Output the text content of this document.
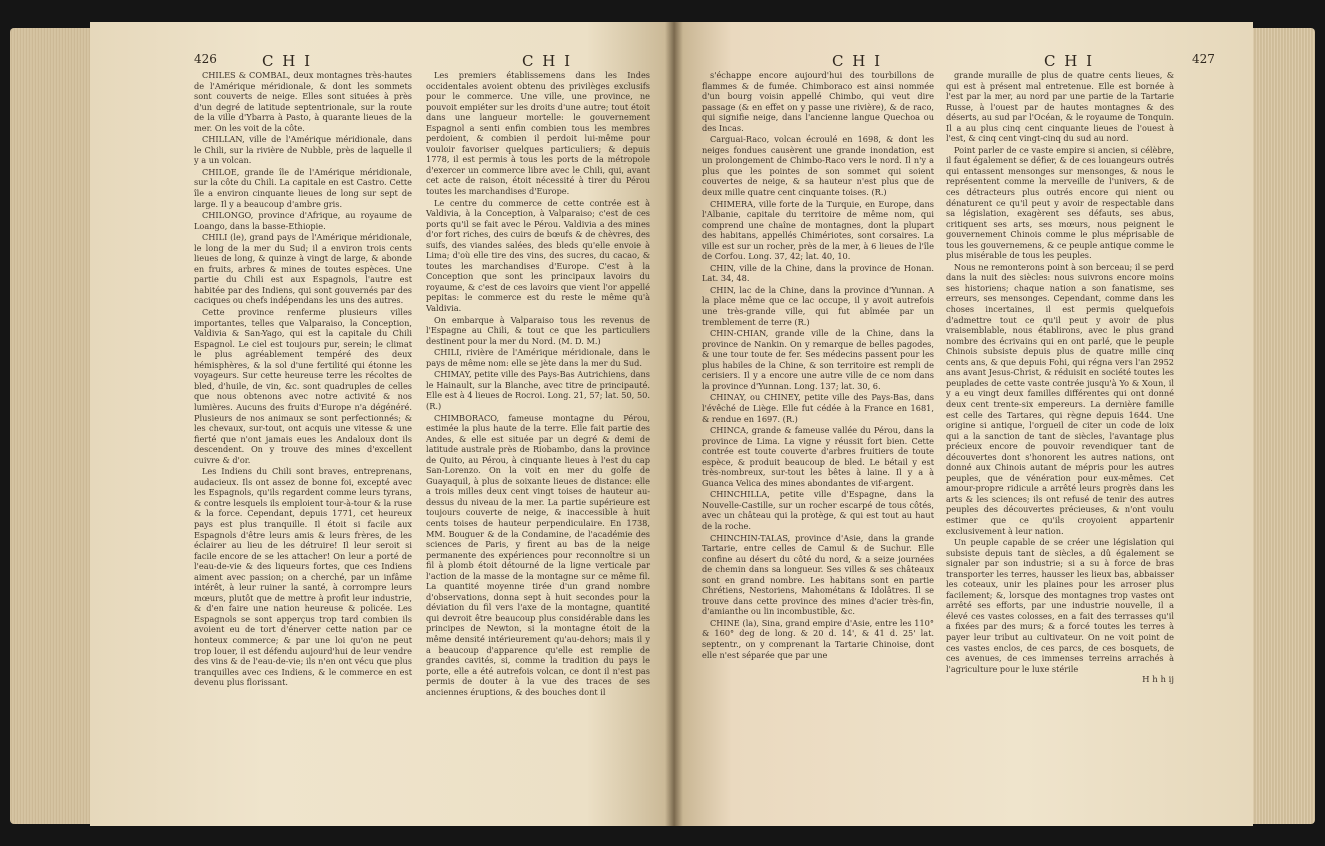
426	C H I	C H I

CHILES & COMBAL, deux montagnes très-hautes de l'Amérique méridionale, & dont les sommets sont couverts de neige. Elles sont situées à près d'un degré de latitude septentrionale, sur la route de la ville d'Ybarra à Pasto, à quarante lieues de la mer. On les voit de la côte.

CHILLAN, ville de l'Amérique méridionale, dans le Chili, sur la rivière de Nubble, près de laquelle il y a un volcan.

CHILOE, grande île de l'Amérique méridionale, sur la côte du Chili. La capitale en est Castro. Cette île a environ cinquante lieues de long sur sept de large. Il y a beaucoup d'ambre gris.

CHILONGO, province d'Afrique, au royaume de Loango, dans la basse-Ethiopie.

CHILI (le), grand pays de l'Amérique méridionale, le long de la mer du Sud; il a environ trois cents lieues de long, & quinze à vingt de large, & abonde en fruits, arbres & mines de toutes espèces. Une partie du Chili est aux Espagnols, l'autre est habitée par des Indiens, qui sont gouvernés par des caciques ou chefs indépendans les uns des autres.

Cette province renferme plusieurs villes importantes, telles que Valparaiso, la Conception, Valdivia & San-Yago, qui est la capitale du Chili Espagnol. Le ciel est toujours pur, serein; le climat le plus agréablement tempéré des deux hémisphères, & la sol d'une fertilité qui étonne les voyageurs. Sur cette heureuse terre les récoltes de bled, d'huile, de vin, &c. sont quadruples de celles que nous obtenons avec notre activité & nos lumières. Aucuns des fruits d'Europe n'a dégénéré. Plusieurs de nos animaux se sont perfectionnés; & les chevaux, sur-tout, ont acquis une vitesse & une fierté que n'ont jamais eues les Andaloux dont ils descendent. On y trouve des mines d'excellent cuivre & d'or.

Les Indiens du Chili sont braves, entreprenans, audacieux. Ils ont assez de bonne foi, excepté avec les Espagnols, qu'ils regardent comme leurs tyrans, & contre lesquels ils emploient tour-à-tour & la ruse & la force. Cependant, depuis 1771, cet heureux pays est plus tranquille. Il étoit si facile aux Espagnols d'être leurs amis & leurs frères, de les éclairer au lieu de les détruire! Il leur seroit si facile encore de se les attacher! On leur a porté de l'eau-de-vie & des liqueurs fortes, que ces Indiens aiment avec passion; on a cherché, par un infâme intérêt, à leur ruiner la santé, à corrompre leurs mœurs, plutôt que de mettre à profit leur industrie, & d'en faire une nation heureuse & policée. Les Espagnols se sont apperçus trop tard combien ils avoient eu de tort d'énerver cette nation par ce honteux commerce; & par une loi qu'on ne peut trop louer, il est défendu aujourd'hui de leur vendre des vins & de l'eau-de-vie; ils n'en ont vécu que plus tranquilles avec ces Indiens, & le commerce en est devenu plus florissant.

Les premiers établissemens dans les Indes occidentales avoient obtenu des privilèges exclusifs pour le commerce. Une ville, une province, ne pouvoit empiéter sur les droits d'une autre; tout étoit dans une langueur mortelle: le gouvernement Espagnol a senti enfin combien tous les membres perdoient, & combien il perdoit lui-même pour vouloir favoriser quelques particuliers; & depuis 1778, il est permis à tous les ports de la métropole d'exercer un commerce libre avec le Chili, qui, avant cet acte de raison, étoit nécessité à tirer du Pérou toutes les marchandises d'Europe.

Le centre du commerce de cette contrée est à Valdivia, à la Conception, à Valparaiso; c'est de ces ports qu'il se fait avec le Pérou. Valdivia a des mines d'or fort riches, des cuirs de bœufs & de chèvres, des suifs, des viandes salées, des bleds qu'elle envoie à Lima; d'où elle tire des vins, des sucres, du cacao, & toutes les marchandises d'Europe. C'est à la Conception que sont les principaux lavoirs du royaume, & c'est de ces lavoirs que vient l'or appellé pepitas: le commerce est du reste le même qu'à Valdivia.

On embarque à Valparaiso tous les revenus de l'Espagne au Chili, & tout ce que les particuliers destinent pour la mer du Nord. (M. D. M.)

CHILI, rivière de l'Amérique méridionale, dans le pays de même nom: elle se jète dans la mer du Sud.

CHIMAY, petite ville des Pays-Bas Autrichiens, dans le Hainault, sur la Blanche, avec titre de principauté. Elle est à 4 lieues de Rocroi. Long. 21, 57; lat. 50, 50. (R.)

CHIMBORACO, fameuse montagne du Pérou, estimée la plus haute de la terre. Elle fait partie des Andes, & elle est située par un degré & demi de latitude australe près de Riobambo, dans la province de Quito, au Pérou, à cinquante lieues à l'est du cap San-Lorenzo. On la voit en mer du golfe de Guayaquil, à plus de soixante lieues de distance: elle a trois milles deux cent vingt toises de hauteur au-dessus du niveau de la mer. La partie supérieure est toujours couverte de neige, & inaccessible à huit cents toises de hauteur perpendiculaire. En 1738, MM. Bouguer & de la Condamine, de l'académie des sciences de Paris, y firent au bas de la neige permanente des expériences pour reconnoître si un fil à plomb étoit détourné de la ligne verticale par l'action de la masse de la montagne sur ce même fil. La quantité moyenne tirée d'un grand nombre d'observations, donna sept à huit secondes pour la déviation du fil vers l'axe de la montagne, quantité qui devroit être beaucoup plus considérable dans les principes de Newton, si la montagne étoit de la même densité intérieurement qu'au-dehors; mais il y a beaucoup d'apparence qu'elle est remplie de grandes cavités, si, comme la tradition du pays le porte, elle a été autrefois volcan, ce dont il n'est pas permis de douter à la vue des traces de ses anciennes éruptions, & des bouches dont il

C H I	C H I	427

s'échappe encore aujourd'hui des tourbillons de flammes & de fumée. Chimboraco est ainsi nommée d'un bourg voisin appellé Chimbo, qui veut dire passage (& en effet on y passe une rivière), & de raco, qui signifie neige, dans l'ancienne langue Quechoa ou des Incas.

Carguai-Raco, volcan écroulé en 1698, & dont les neiges fondues causèrent une grande inondation, est un prolongement de Chimbo-Raco vers le nord. Il n'y a plus que les pointes de son sommet qui soient couvertes de neige, & sa hauteur n'est plus que de deux mille quatre cent cinquante toises. (R.)

CHIMERA, ville forte de la Turquie, en Europe, dans l'Albanie, capitale du territoire de même nom, qui comprend une chaîne de montagnes, dont la plupart des habitans, appellés Chimériotes, sont corsaires. La ville est sur un rocher, près de la mer, à 6 lieues de l'île de Corfou. Long. 37, 42; lat. 40, 10.

CHIN, ville de la Chine, dans la province de Honan. Lat. 34, 48.

CHIN, lac de la Chine, dans la province d'Yunnan. A la place même que ce lac occupe, il y avoit autrefois une très-grande ville, qui fut abîmée par un tremblement de terre (R.)

CHIN-CHIAN, grande ville de la Chine, dans la province de Nankin. On y remarque de belles pagodes, & une tour toute de fer. Ses médecins passent pour les plus habiles de la Chine, & son territoire est rempli de cerisiers. Il y a encore une autre ville de ce nom dans la province d'Yunnan. Long. 137; lat. 30, 6.

CHINAY, ou CHINEY, petite ville des Pays-Bas, dans l'évêché de Liège. Elle fut cédée à la France en 1681, & rendue en 1697. (R.)

CHINCA, grande & fameuse vallée du Pérou, dans la province de Lima. La vigne y réussit fort bien. Cette contrée est toute couverte d'arbres fruitiers de toute espèce, & produit beaucoup de bled. Le bétail y est très-nombreux, sur-tout les bêtes à laine. Il y a à Guanca Velica des mines abondantes de vif-argent.

CHINCHILLA, petite ville d'Espagne, dans la Nouvelle-Castille, sur un rocher escarpé de tous côtés, avec un château qui la protège, & qui est tout au haut de la roche.

CHINCHIN-TALAS, province d'Asie, dans la grande Tartarie, entre celles de Camul & de Suchur. Elle confine au désert du côté du nord, & a seize journées de chemin dans sa longueur. Ses villes & ses châteaux sont en grand nombre. Les habitans sont en partie Chrétiens, Nestoriens, Mahométans & Idolâtres. Il se trouve dans cette province des mines d'acier très-fin, d'amianthe ou lin incombustible, &c.

CHINE (la), Sina, grand empire d'Asie, entre les 110° & 160° deg de long. & 20 d. 14', & 41 d. 25' lat. septentr., on y comprenant la Tartarie Chinoise, dont elle n'est séparée que par une

grande muraille de plus de quatre cents lieues, & qui est à présent mal entretenue. Elle est bornée à l'est par la mer, au nord par une partie de la Tartarie Russe, à l'ouest par de hautes montagnes & des déserts, au sud par l'Océan, & le royaume de Tonquin. Il a au plus cinq cent cinquante lieues de l'ouest à l'est, & cinq cent vingt-cinq du sud au nord.

Point parler de ce vaste empire si ancien, si célèbre, il faut également se défier, & de ces louangeurs outrés qui entassent mensonges sur mensonges, & nous le représentent comme la merveille de l'univers, & de ces détracteurs plus outrés encore qui nient ou dénaturent ce qu'il peut y avoir de respectable dans sa législation, exagèrent ses défauts, ses abus, critiquent ses arts, ses mœurs, nous peignent le gouvernement Chinois comme le plus méprisable de tous les gouvernemens, & ce peuple antique comme le plus misérable de tous les peuples.

Nous ne remonterons point à son berceau; il se perd dans la nuit des siècles: nous suivrons encore moins ses historiens; chaque nation a son fanatisme, ses erreurs, ses mensonges. Cependant, comme dans les choses incertaines, il est permis quelquefois d'admettre tout ce qu'il peut y avoir de plus vraisemblable, nous établirons, avec le plus grand nombre des écrivains qui en ont parlé, que le peuple Chinois subsiste depuis plus de quatre mille cinq cents ans, & que depuis Fohi, qui régna vers l'an 2952 ans avant Jesus-Christ, & réduisit en société toutes les peuplades de cette vaste contrée jusqu'à Yo & Xoun, il y a eu vingt deux familles différentes qui ont donné deux cent trente-six empereurs. La dernière famille est celle des Tartares, qui règne depuis 1644. Une origine si antique, l'orgueil de citer un code de loix qui a la sanction de tant de siècles, l'avantage plus précieux encore de pouvoir revendiquer tant de découvertes dont s'honorent les autres nations, ont donné aux Chinois autant de mépris pour les autres peuples, que de vénération pour eux-mêmes. Cet amour-propre ridicule a arrêté leurs progrès dans les arts & les sciences; ils ont refusé de tenir des autres peuples des découvertes précieuses, & n'ont voulu estimer que ce qu'ils croyoient appartenir exclusivement à leur nation.

Un peuple capable de se créer une législation qui subsiste depuis tant de siècles, a dû également se signaler par son industrie; si a su à force de bras transporter les terres, hausser les lieux bas, abbaisser les coteaux, unir les plaines pour les arroser plus facilement; &, lorsque des montagnes trop vastes ont arrêté ses efforts, par une industrie nouvelle, il a élevé ces vastes colosses, en a fait des terrasses qu'il a fixées par des murs; & a forcé toutes les terres à payer leur tribut au cultivateur. On ne voit point de ces vastes enclos, de ces parcs, de ces bosquets, de ces avenues, de ces immenses terreins arrachés à l'agriculture pour le luxe stérile

H h h ij
